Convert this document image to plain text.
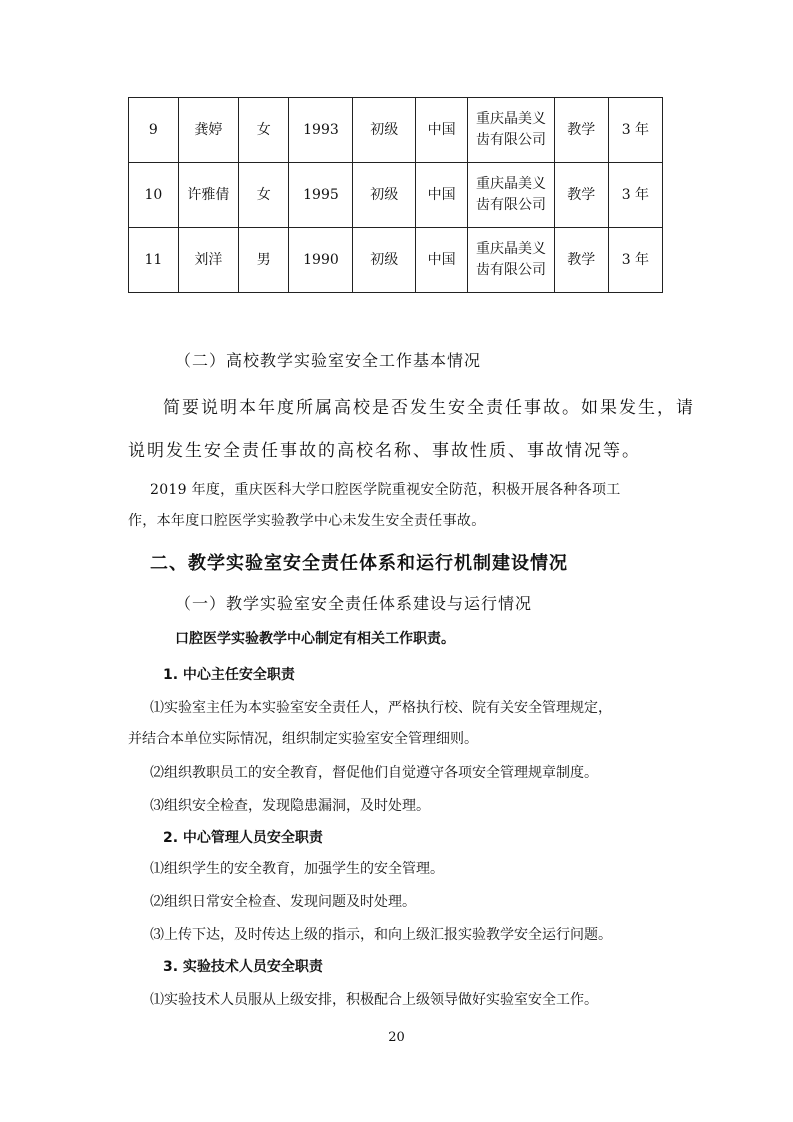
9	龚婷	女	1993	初级	中国	重庆晶美义齿有限公司	教学	3 年
10	许雅倩	女	1995	初级	中国	重庆晶美义齿有限公司	教学	3 年
11	刘洋	男	1990	初级	中国	重庆晶美义齿有限公司	教学	3 年
（二）高校教学实验室安全工作基本情况
简要说明本年度所属高校是否发生安全责任事故。如果发生，请
说明发生安全责任事故的高校名称、事故性质、事故情况等。
2019 年度，重庆医科大学口腔医学院重视安全防范，积极开展各种各项工
作，本年度口腔医学实验教学中心未发生安全责任事故。
二、教学实验室安全责任体系和运行机制建设情况
（一）教学实验室安全责任体系建设与运行情况
口腔医学实验教学中心制定有相关工作职责。
1. 中心主任安全职责
⑴实验室主任为本实验室安全责任人，严格执行校、院有关安全管理规定，
并结合本单位实际情况，组织制定实验室安全管理细则。
⑵组织教职员工的安全教育，督促他们自觉遵守各项安全管理规章制度。
⑶组织安全检查，发现隐患漏洞，及时处理。
2. 中心管理人员安全职责
⑴组织学生的安全教育，加强学生的安全管理。
⑵组织日常安全检查、发现问题及时处理。
⑶上传下达，及时传达上级的指示，和向上级汇报实验教学安全运行问题。
3. 实验技术人员安全职责
⑴实验技术人员服从上级安排，积极配合上级领导做好实验室安全工作。
20
